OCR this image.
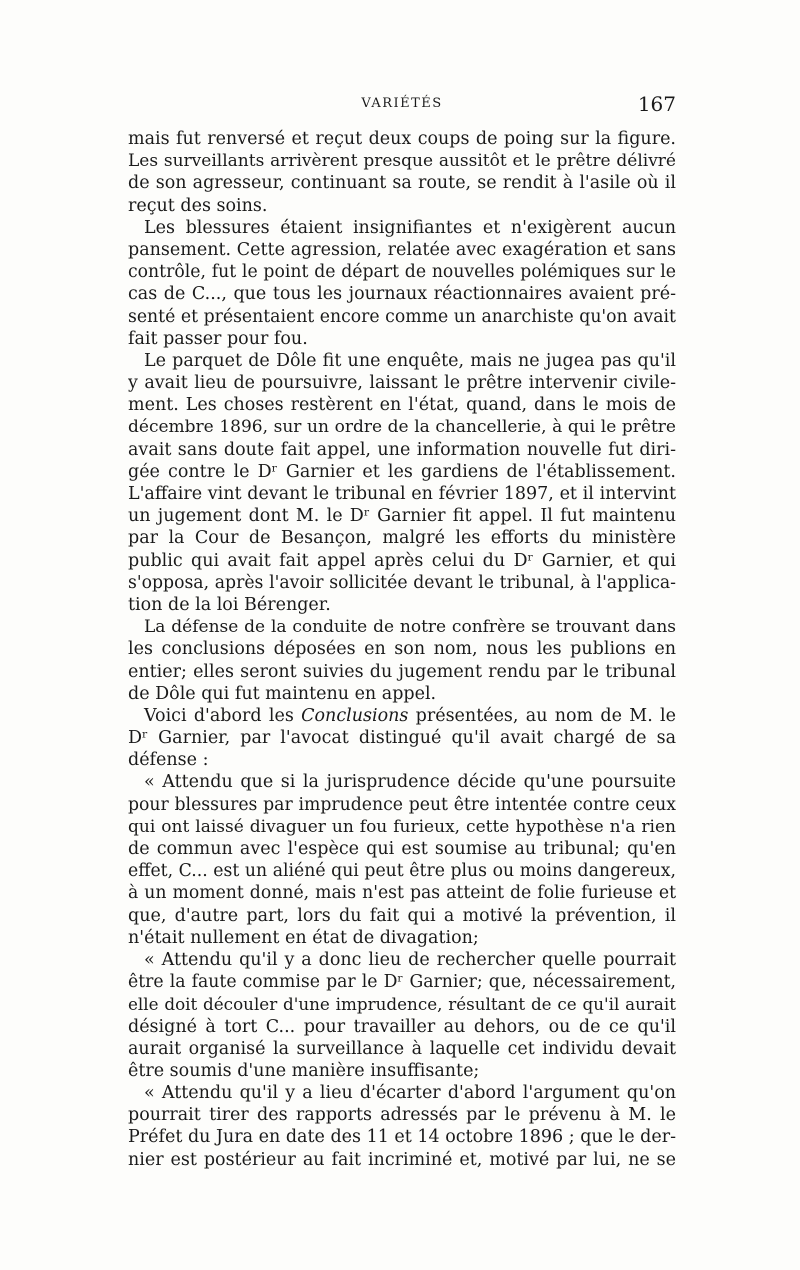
VARIÉTÉS	167
mais fut renversé et reçut deux coups de poing sur la figure.
Les surveillants arrivèrent presque aussitôt et le prêtre délivré
de son agresseur, continuant sa route, se rendit à l'asile où il
reçut des soins.
Les blessures étaient insignifiantes et n'exigèrent aucun
pansement. Cette agression, relatée avec exagération et sans
contrôle, fut le point de départ de nouvelles polémiques sur le
cas de C..., que tous les journaux réactionnaires avaient pré-
senté et présentaient encore comme un anarchiste qu'on avait
fait passer pour fou.
Le parquet de Dôle fit une enquête, mais ne jugea pas qu'il
y avait lieu de poursuivre, laissant le prêtre intervenir civile-
ment. Les choses restèrent en l'état, quand, dans le mois de
décembre 1896, sur un ordre de la chancellerie, à qui le prêtre
avait sans doute fait appel, une information nouvelle fut diri-
gée contre le Dʳ Garnier et les gardiens de l'établissement.
L'affaire vint devant le tribunal en février 1897, et il intervint
un jugement dont M. le Dʳ Garnier fit appel. Il fut maintenu
par la Cour de Besançon, malgré les efforts du ministère
public qui avait fait appel après celui du Dʳ Garnier, et qui
s'opposa, après l'avoir sollicitée devant le tribunal, à l'applica-
tion de la loi Bérenger.
La défense de la conduite de notre confrère se trouvant dans
les conclusions déposées en son nom, nous les publions en
entier; elles seront suivies du jugement rendu par le tribunal
de Dôle qui fut maintenu en appel.
Voici d'abord les Conclusions présentées, au nom de M. le
Dʳ Garnier, par l'avocat distingué qu'il avait chargé de sa
défense :
« Attendu que si la jurisprudence décide qu'une poursuite
pour blessures par imprudence peut être intentée contre ceux
qui ont laissé divaguer un fou furieux, cette hypothèse n'a rien
de commun avec l'espèce qui est soumise au tribunal; qu'en
effet, C... est un aliéné qui peut être plus ou moins dangereux,
à un moment donné, mais n'est pas atteint de folie furieuse et
que, d'autre part, lors du fait qui a motivé la prévention, il
n'était nullement en état de divagation;
« Attendu qu'il y a donc lieu de rechercher quelle pourrait
être la faute commise par le Dʳ Garnier; que, nécessairement,
elle doit découler d'une imprudence, résultant de ce qu'il aurait
désigné à tort C... pour travailler au dehors, ou de ce qu'il
aurait organisé la surveillance à laquelle cet individu devait
être soumis d'une manière insuffisante;
« Attendu qu'il y a lieu d'écarter d'abord l'argument qu'on
pourrait tirer des rapports adressés par le prévenu à M. le
Préfet du Jura en date des 11 et 14 octobre 1896 ; que le der-
nier est postérieur au fait incriminé et, motivé par lui, ne se
